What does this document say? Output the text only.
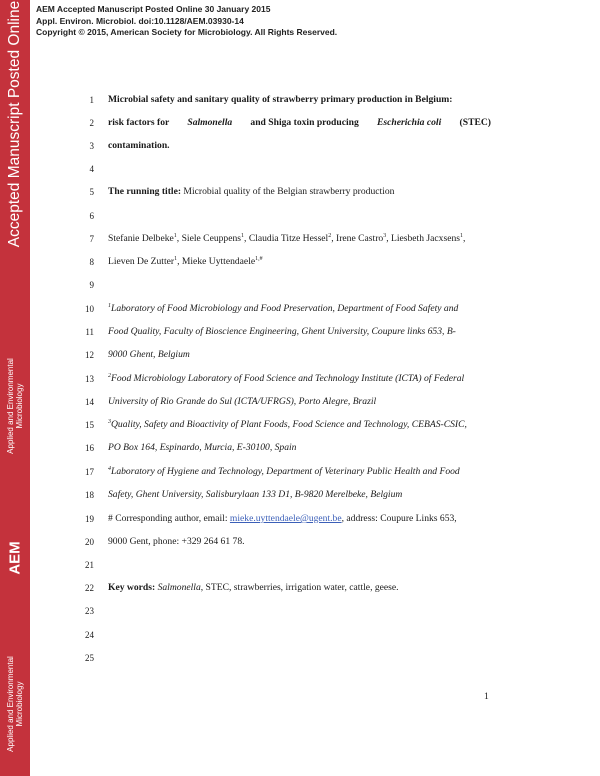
Accepted Manuscript Posted Online
Applied and Environmental Microbiology
AEM
Applied and Environmental Microbiology
AEM Accepted Manuscript Posted Online 30 January 2015
Appl. Environ. Microbiol. doi:10.1128/AEM.03930-14
Copyright © 2015, American Society for Microbiology. All Rights Reserved.
1
2
3
4
5
6
7
8
9
10
11
12
13
14
15
16
17
18
19
20
21
22
23
24
25
Microbial safety and sanitary quality of strawberry primary production in Belgium:
risk factors for Salmonella and Shiga toxin producing Escherichia coli (STEC)
contamination.
The running title: Microbial quality of the Belgian strawberry production
Stefanie Delbeke$^1$, Siele Ceuppens$^1$, Claudia Titze Hessel$^2$, Irene Castro$^3$, Liesbeth Jacxsens$^1$,
Lieven De Zutter$^1$, Mieke Uyttendaele$^{1,\#}$
$^1$Laboratory of Food Microbiology and Food Preservation, Department of Food Safety and
Food Quality, Faculty of Bioscience Engineering, Ghent University, Coupure links 653, B-
9000 Ghent, Belgium
$^2$Food Microbiology Laboratory of Food Science and Technology Institute (ICTA) of Federal
University of Rio Grande do Sul (ICTA/UFRGS), Porto Alegre, Brazil
$^3$Quality, Safety and Bioactivity of Plant Foods, Food Science and Technology, CEBAS-CSIC,
PO Box 164, Espinardo, Murcia, E-30100, Spain
$^4$Laboratory of Hygiene and Technology, Department of Veterinary Public Health and Food
Safety, Ghent University, Salisburylaan 133 D1, B-9820 Merelbeke, Belgium
# Corresponding author, email: mieke.uyttendaele@ugent.be, address: Coupure Links 653,
9000 Gent, phone: +329 264 61 78.
Key words: Salmonella, STEC, strawberries, irrigation water, cattle, geese.
1
